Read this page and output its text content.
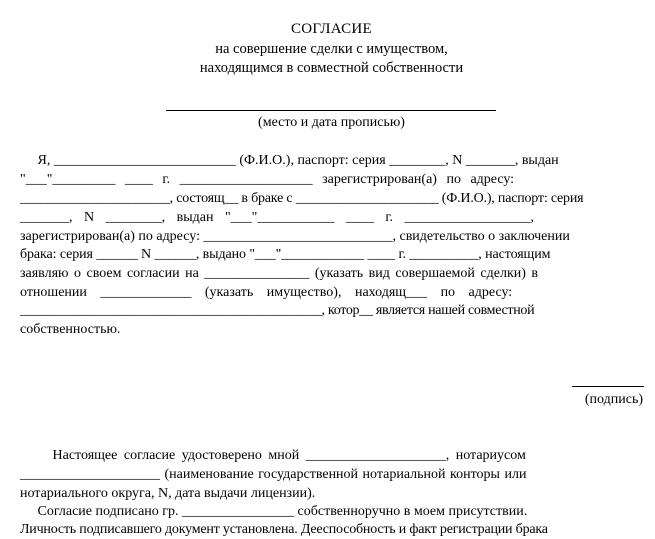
СОГЛАСИЕ
на совершение сделки с имуществом,
находящимся в совместной собственности
(место и дата прописью)
Я, __________________________ (Ф.И.О.), паспорт: серия ________, N _______, выдан
"___"_________ ____ г. ___________________ зарегистрирован(а) по адресу:
______________________, состоящ__ в браке с _____________________ (Ф.И.О.), паспорт: серия
_______, N ________, выдан "___"___________ ____ г. __________________,
зарегистрирован(а) по адресу: ___________________________, свидетельство о заключении
брака: серия ______ N ______, выдано "___"____________ ____ г. __________, настоящим
заявляю о своем согласии на _______________ (указать вид совершаемой сделки) в
отношении _____________ (указать имущество), находящ___ по адресу:
_____________________________________________, котор__ является нашей совместной
собственностью.
(подпись)
Настоящее согласие удостоверено мной ____________________, нотариусом
____________________ (наименование государственной нотариальной конторы или
нотариального округа, N, дата выдачи лицензии).
Согласие подписано гр. ________________ собственноручно в моем присутствии.
Личность подписавшего документ установлена. Дееспособность и факт регистрации брака
